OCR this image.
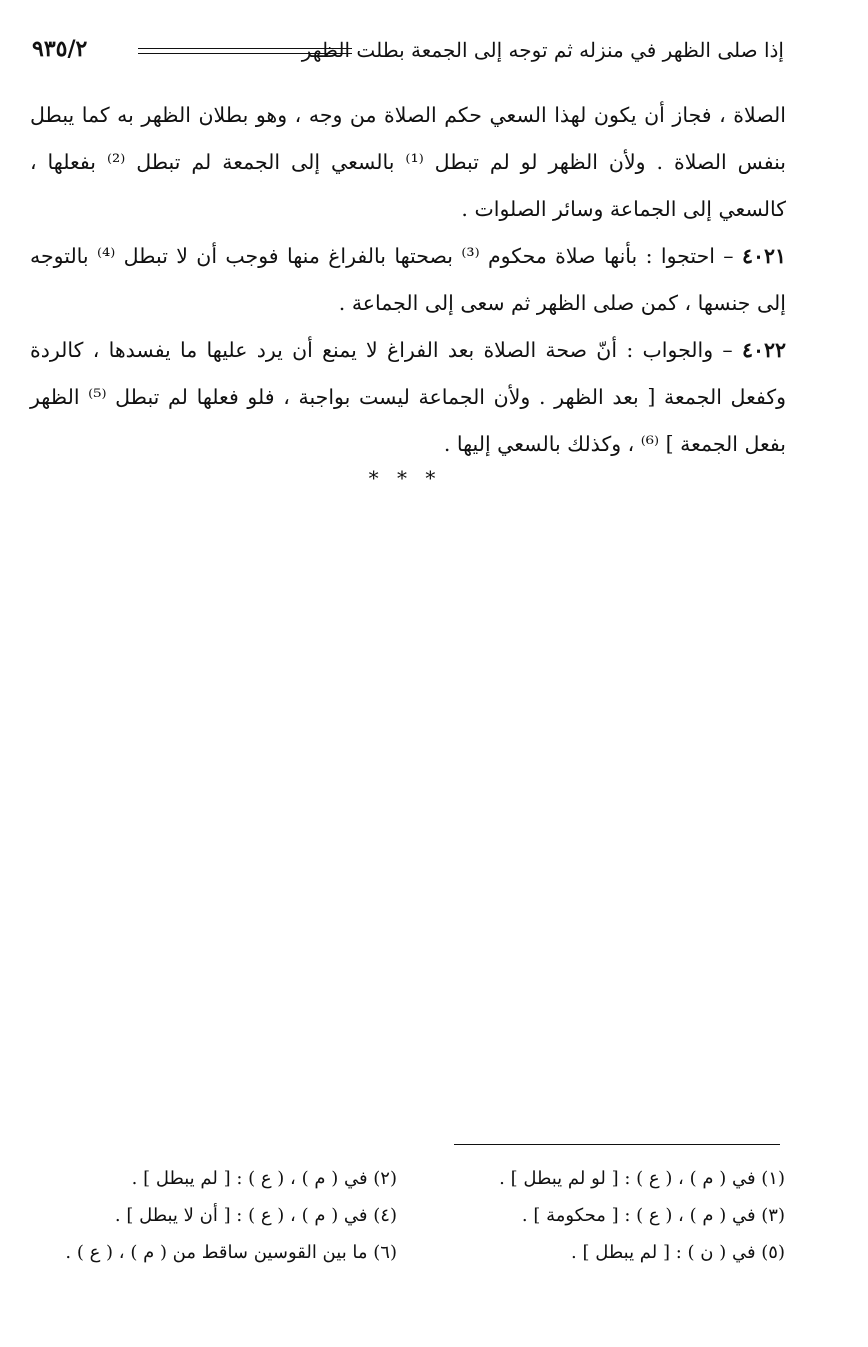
٩٣٥/٢	إذا صلى الظهر في منزله ثم توجه إلى الجمعة بطلت الظهر

الصلاة ، فجاز أن يكون لهذا السعي حكم الصلاة من وجه ، وهو بطلان الظهر به كما يبطل بنفس الصلاة . ولأن الظهر لو لم تبطل ⁽¹⁾ بالسعي إلى الجمعة لم تبطل ⁽²⁾ بفعلها ، كالسعي إلى الجماعة وسائر الصلوات .

٤٠٢١ – احتجوا : بأنها صلاة محكوم ⁽³⁾ بصحتها بالفراغ منها فوجب أن لا تبطل ⁽⁴⁾ بالتوجه إلى جنسها ، كمن صلى الظهر ثم سعى إلى الجماعة .

٤٠٢٢ – والجواب : أنّ صحة الصلاة بعد الفراغ لا يمنع أن يرد عليها ما يفسدها ، كالردة وكفعل الجمعة [ بعد الظهر . ولأن الجماعة ليست بواجبة ، فلو فعلها لم تبطل ⁽⁵⁾ الظهر بفعل الجمعة ] ⁽⁶⁾ ، وكذلك بالسعي إليها .

* * *
(١) في ( م ) ، ( ع ) : [ لو لم يبطل ] .
(٣) في ( م ) ، ( ع ) : [ محكومة ] .
(٥) في ( ن ) : [ لم يبطل ] .
(٢) في ( م ) ، ( ع ) : [ لم يبطل ] .
(٤) في ( م ) ، ( ع ) : [ أن لا يبطل ] .
(٦) ما بين القوسين ساقط من ( م ) ، ( ع ) .
